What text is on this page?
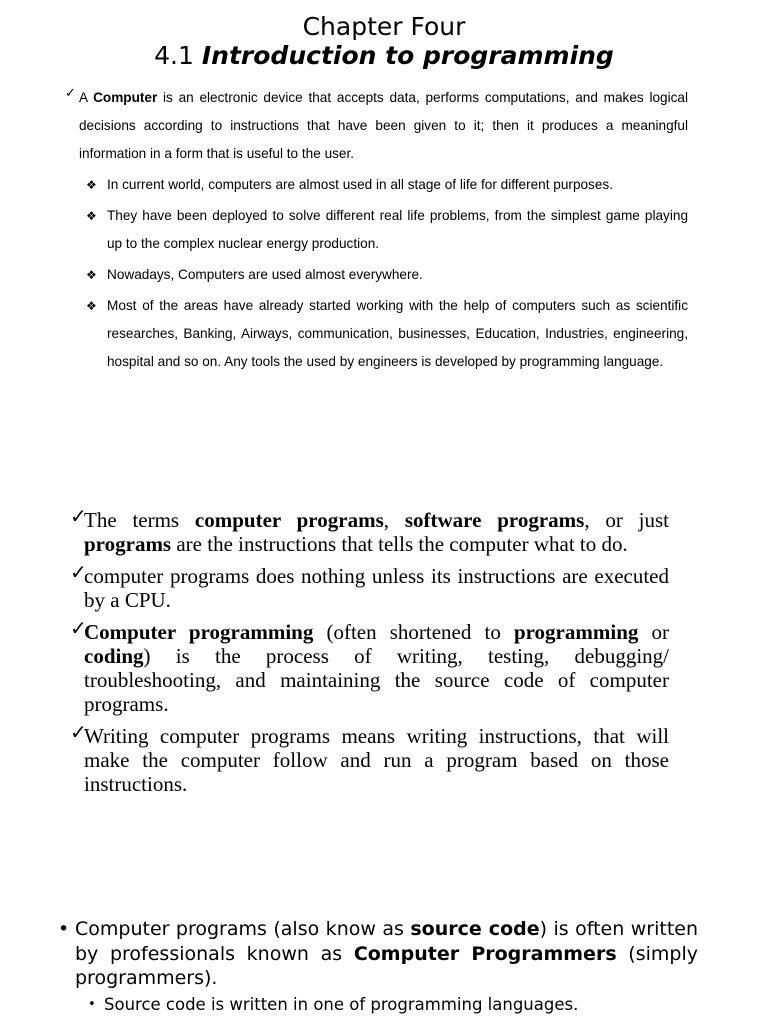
Chapter Four
4.1 Introduction to programming
✓ A Computer is an electronic device that accepts data, performs computations, and makes logical decisions according to instructions that have been given to it; then it produces a meaningful information in a form that is useful to the user.
❖ In current world, computers are almost used in all stage of life for different purposes.
❖ They have been deployed to solve different real life problems, from the simplest game playing up to the complex nuclear energy production.
❖ Nowadays, Computers are used almost everywhere.
❖ Most of the areas have already started working with the help of computers such as scientific researches, Banking, Airways, communication, businesses, Education, Industries, engineering, hospital and so on. Any tools the used by engineers is developed by programming language.
✓
The terms computer programs, software programs, or just programs are the instructions that tells the computer what to do.
✓
computer programs does nothing unless its instructions are executed by a CPU.
✓
Computer programming (often shortened to programming or coding) is the process of writing, testing, debugging/ troubleshooting, and maintaining the source code of computer programs.
✓
Writing computer programs means writing instructions, that will make the computer follow and run a program based on those instructions.
• Computer programs (also know as source code) is often written by professionals known as Computer Programmers (simply programmers).
• Source code is written in one of programming languages.
